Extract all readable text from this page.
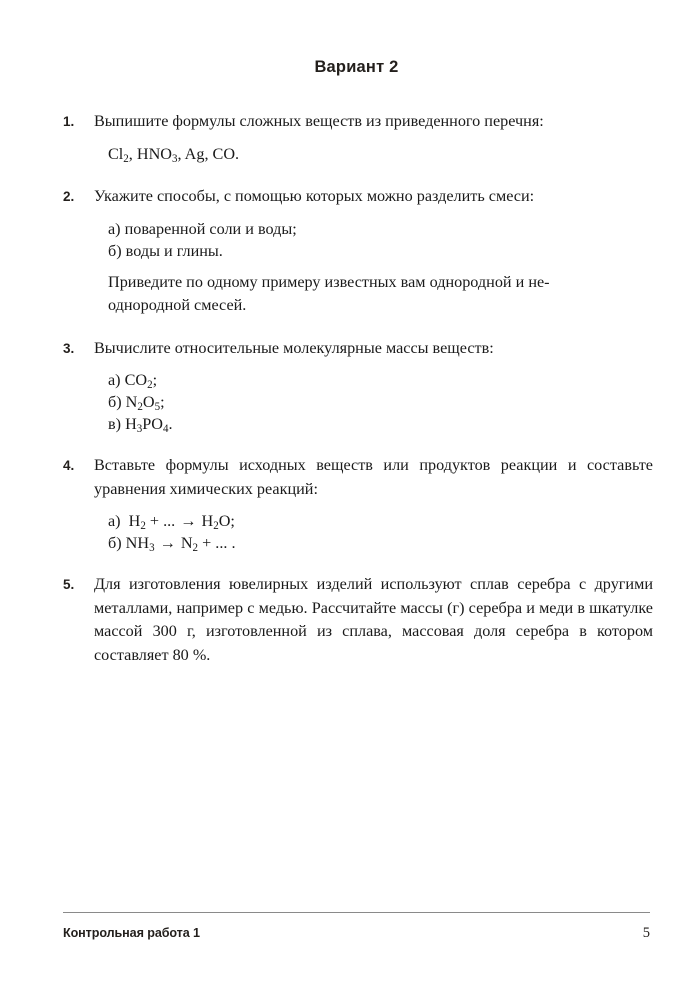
Вариант 2
1. Выпишите формулы сложных веществ из приведенного перечня:

$Cl_2$, $HNO_3$, Ag, CO.

2. Укажите способы, с помощью которых можно разделить смеси:

а) поваренной соли и воды;
б) воды и глины.

Приведите по одному примеру известных вам однородной и не-

однородной смесей.

3. Вычислите относительные молекулярные массы веществ:

а) $CO_2$;
б) $N_2O_5$;
в) $H_3PO_4$.
4. Вставьте формулы исходных веществ или продуктов реакции и составьте уравнения химических реакций:

а)  $H_2$ + ... → $H_2O$;
б) $NH_3 \to N_2$ + ... .
5. Для изготовления ювелирных изделий используют сплав серебра с другими металлами, например с медью. Рассчитайте массы (г) серебра и меди в шкатулке массой 300 г, изготовленной из сплава, массовая доля серебра в котором составляет 80 %.

Контрольная работа 1	5
